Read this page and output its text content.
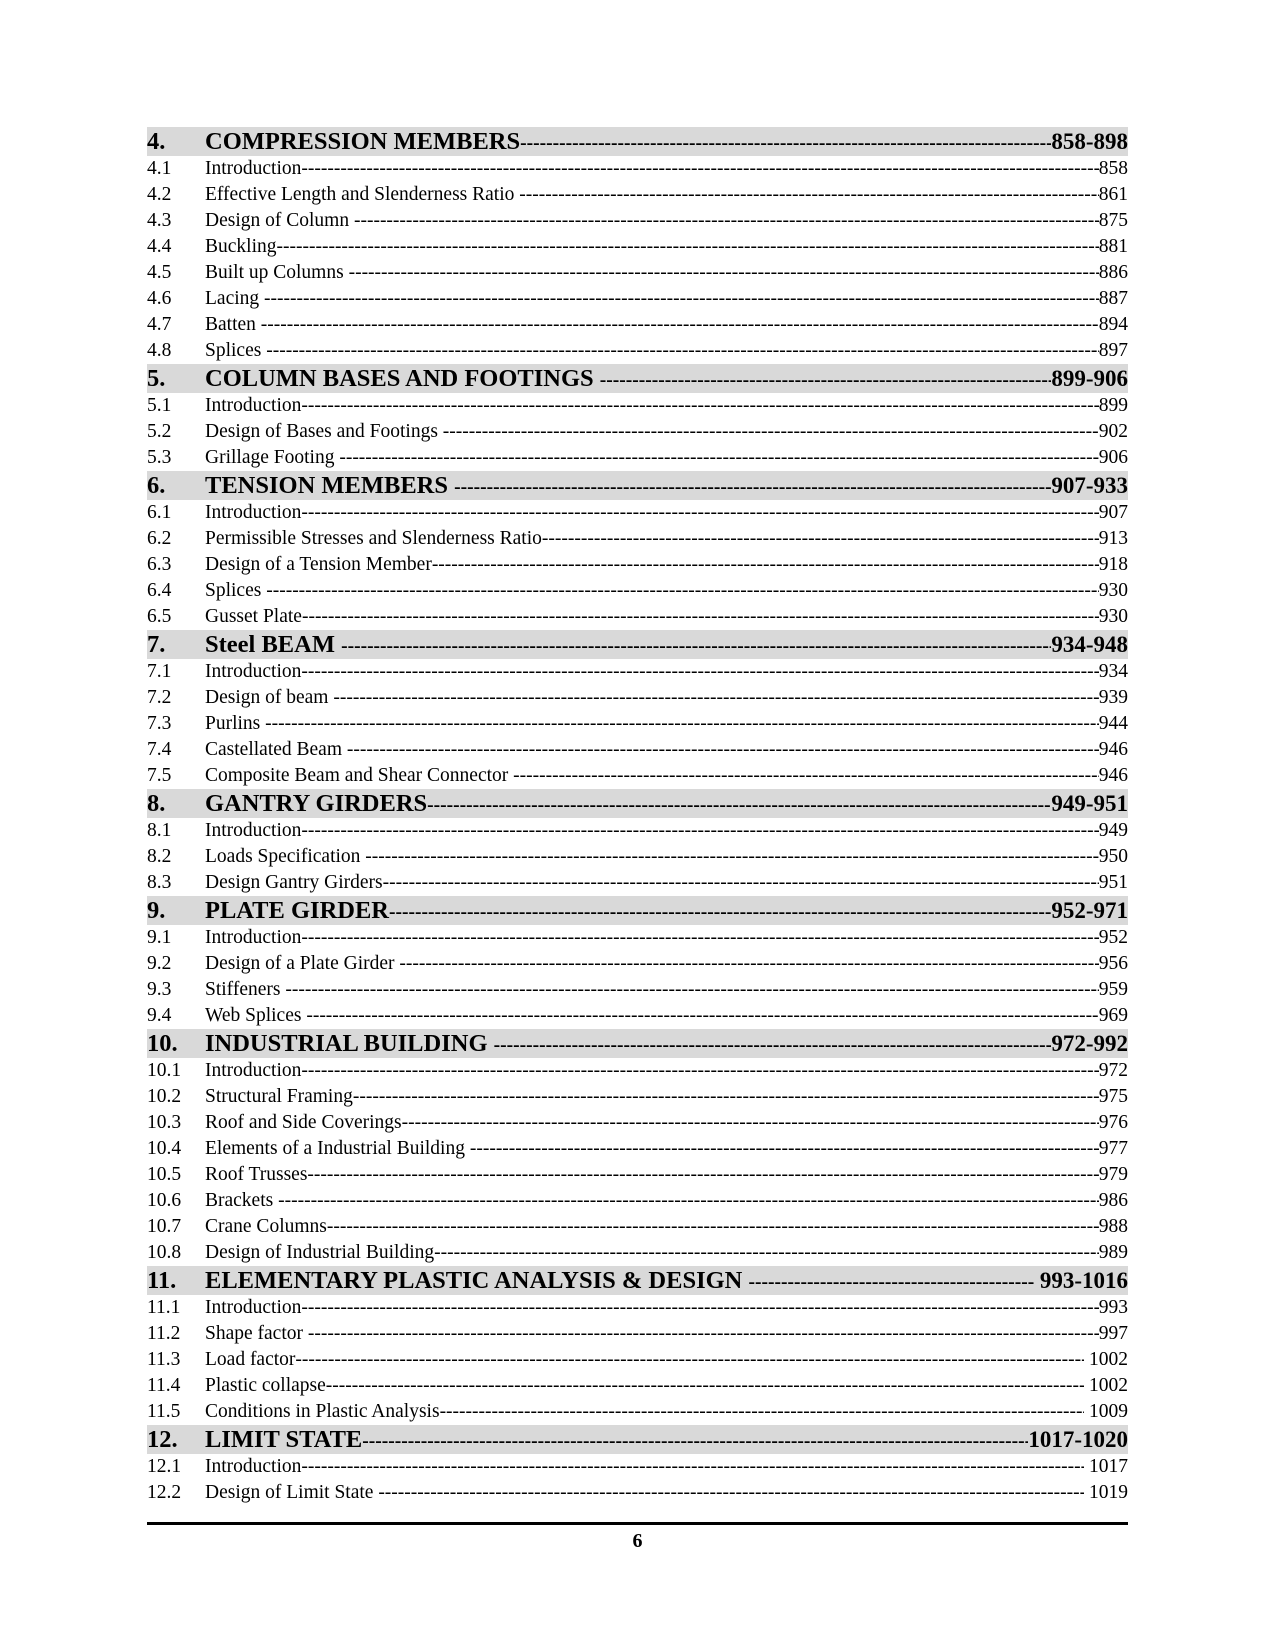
4.	COMPRESSION MEMBERS -----	858-898
4.1	Introduction -----	858
4.2	Effective Length and Slenderness Ratio -----	861
4.3	Design of Column -----	875
4.4	Buckling -----	881
4.5	Built up Columns -----	886
4.6	Lacing -----	887
4.7	Batten -----	894
4.8	Splices -----	897
5.	COLUMN BASES AND FOOTINGS -----	899-906
5.1	Introduction -----	899
5.2	Design of Bases and Footings -----	902
5.3	Grillage Footing -----	906
6.	TENSION MEMBERS -----	907-933
6.1	Introduction -----	907
6.2	Permissible Stresses and Slenderness Ratio -----	913
6.3	Design of a Tension Member -----	918
6.4	Splices -----	930
6.5	Gusset Plate -----	930
7.	Steel BEAM -----	934-948
7.1	Introduction -----	934
7.2	Design of beam -----	939
7.3	Purlins -----	944
7.4	Castellated Beam -----	946
7.5	Composite Beam and Shear Connector -----	946
8.	GANTRY GIRDERS -----	949-951
8.1	Introduction -----	949
8.2	Loads Specification -----	950
8.3	Design Gantry Girders -----	951
9.	PLATE GIRDER -----	952-971
9.1	Introduction -----	952
9.2	Design of a Plate Girder -----	956
9.3	Stiffeners -----	959
9.4	Web Splices -----	969
10.	INDUSTRIAL BUILDING -----	972-992
10.1	Introduction -----	972
10.2	Structural Framing -----	975
10.3	Roof and Side Coverings -----	976
10.4	Elements of a Industrial Building -----	977
10.5	Roof Trusses -----	979
10.6	Brackets -----	986
10.7	Crane Columns -----	988
10.8	Design of Industrial Building -----	989
11.	ELEMENTARY PLASTIC ANALYSIS & DESIGN -----	993-1016
11.1	Introduction -----	993
11.2	Shape factor -----	997
11.3	Load factor -----	1002
11.4	Plastic collapse -----	1002
11.5	Conditions in Plastic Analysis -----	1009
12.	LIMIT STATE -----	1017-1020
12.1	Introduction -----	1017
12.2	Design of Limit State -----	1019
6
